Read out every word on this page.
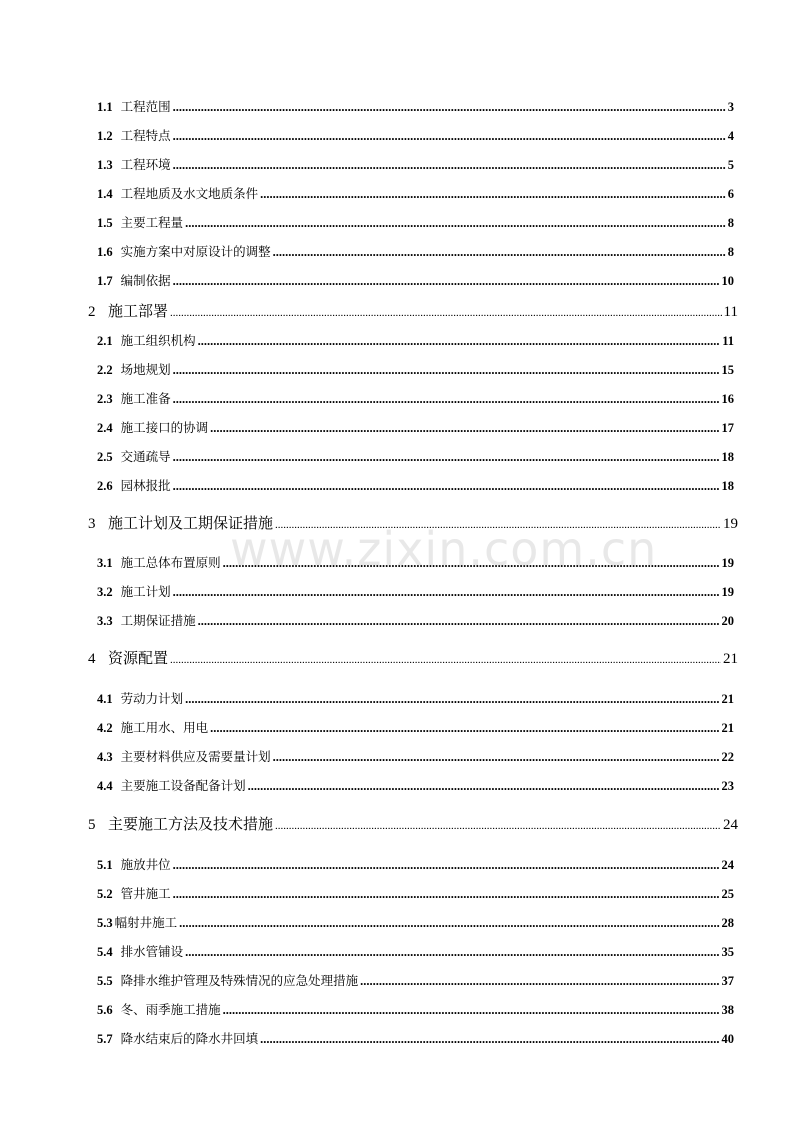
1.1 工程范围 .....	3
1.2 工程特点 .....	4
1.3 工程环境 .....	5
1.4 工程地质及水文地质条件 .....	6
1.5 主要工程量 .....	8
1.6 实施方案中对原设计的调整 .....	8
1.7 编制依据 .....	10
2 施工部署 .....	11
2.1 施工组织机构 .....	11
2.2 场地规划 .....	15
2.3 施工准备 .....	16
2.4 施工接口的协调 .....	17
2.5 交通疏导 .....	18
2.6 园林报批 .....	18
3 施工计划及工期保证措施 .....	19
3.1 施工总体布置原则 .....	19
3.2 施工计划 .....	19
3.3 工期保证措施 .....	20
4 资源配置 .....	21
4.1 劳动力计划 .....	21
4.2 施工用水、用电 .....	21
4.3 主要材料供应及需要量计划 .....	22
4.4 主要施工设备配备计划 .....	23
5 主要施工方法及技术措施 .....	24
5.1 施放井位 .....	24
5.2 管井施工 .....	25
5.3 幅射井施工 .....	28
5.4 排水管铺设 .....	35
5.5 降排水维护管理及特殊情况的应急处理措施 .....	37
5.6 冬、雨季施工措施 .....	38
5.7 降水结束后的降水井回填 .....	40
www.zixin.com.cn
